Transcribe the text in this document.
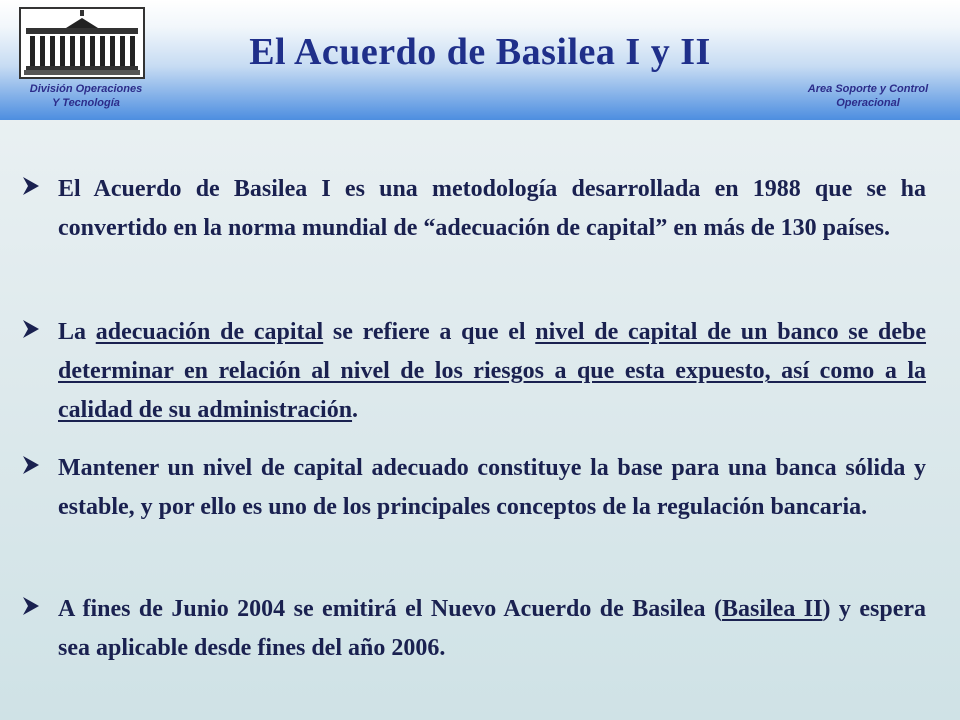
El Acuerdo de Basilea I y II
División Operaciones
Y Tecnología
Area Soporte y Control
Operacional
El Acuerdo de Basilea I es una metodología desarrollada en 1988 que se ha convertido en la norma mundial de “adecuación de capital” en más de 130 países.
La adecuación de capital se refiere a que el nivel de capital de un banco se debe determinar en relación al nivel de los riesgos a que esta expuesto, así como a la calidad de su administración.
Mantener un nivel de capital adecuado constituye la base para una banca sólida y estable, y por ello es uno de los principales conceptos de la regulación bancaria.
A fines de Junio 2004 se emitirá el Nuevo Acuerdo de Basilea (Basilea II) y espera sea aplicable desde fines del año 2006.
